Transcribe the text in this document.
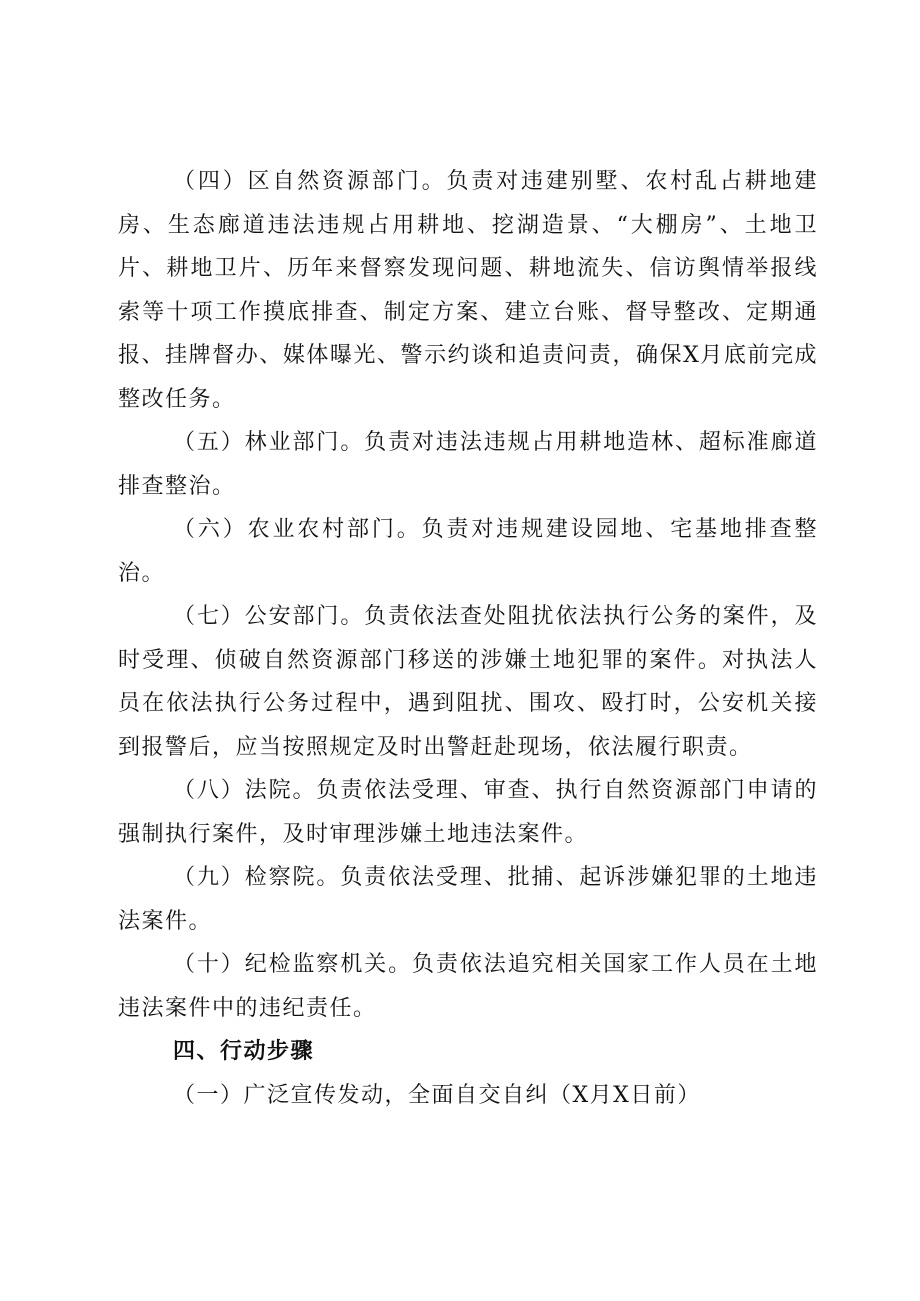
（四）区自然资源部门。负责对违建别墅、农村乱占耕地建房、生态廊道违法违规占用耕地、挖湖造景、“大棚房”、土地卫片、耕地卫片、历年来督察发现问题、耕地流失、信访舆情举报线索等十项工作摸底排查、制定方案、建立台账、督导整改、定期通报、挂牌督办、媒体曝光、警示约谈和追责问责，确保X月底前完成整改任务。

（五）林业部门。负责对违法违规占用耕地造林、超标准廊道排查整治。

（六）农业农村部门。负责对违规建设园地、宅基地排查整治。

（七）公安部门。负责依法查处阻扰依法执行公务的案件，及时受理、侦破自然资源部门移送的涉嫌土地犯罪的案件。对执法人员在依法执行公务过程中，遇到阻扰、围攻、殴打时，公安机关接到报警后，应当按照规定及时出警赶赴现场，依法履行职责。

（八）法院。负责依法受理、审查、执行自然资源部门申请的强制执行案件，及时审理涉嫌土地违法案件。

（九）检察院。负责依法受理、批捕、起诉涉嫌犯罪的土地违法案件。

（十）纪检监察机关。负责依法追究相关国家工作人员在土地违法案件中的违纪责任。

四、行动步骤

（一）广泛宣传发动，全面自交自纠（X月X日前）
